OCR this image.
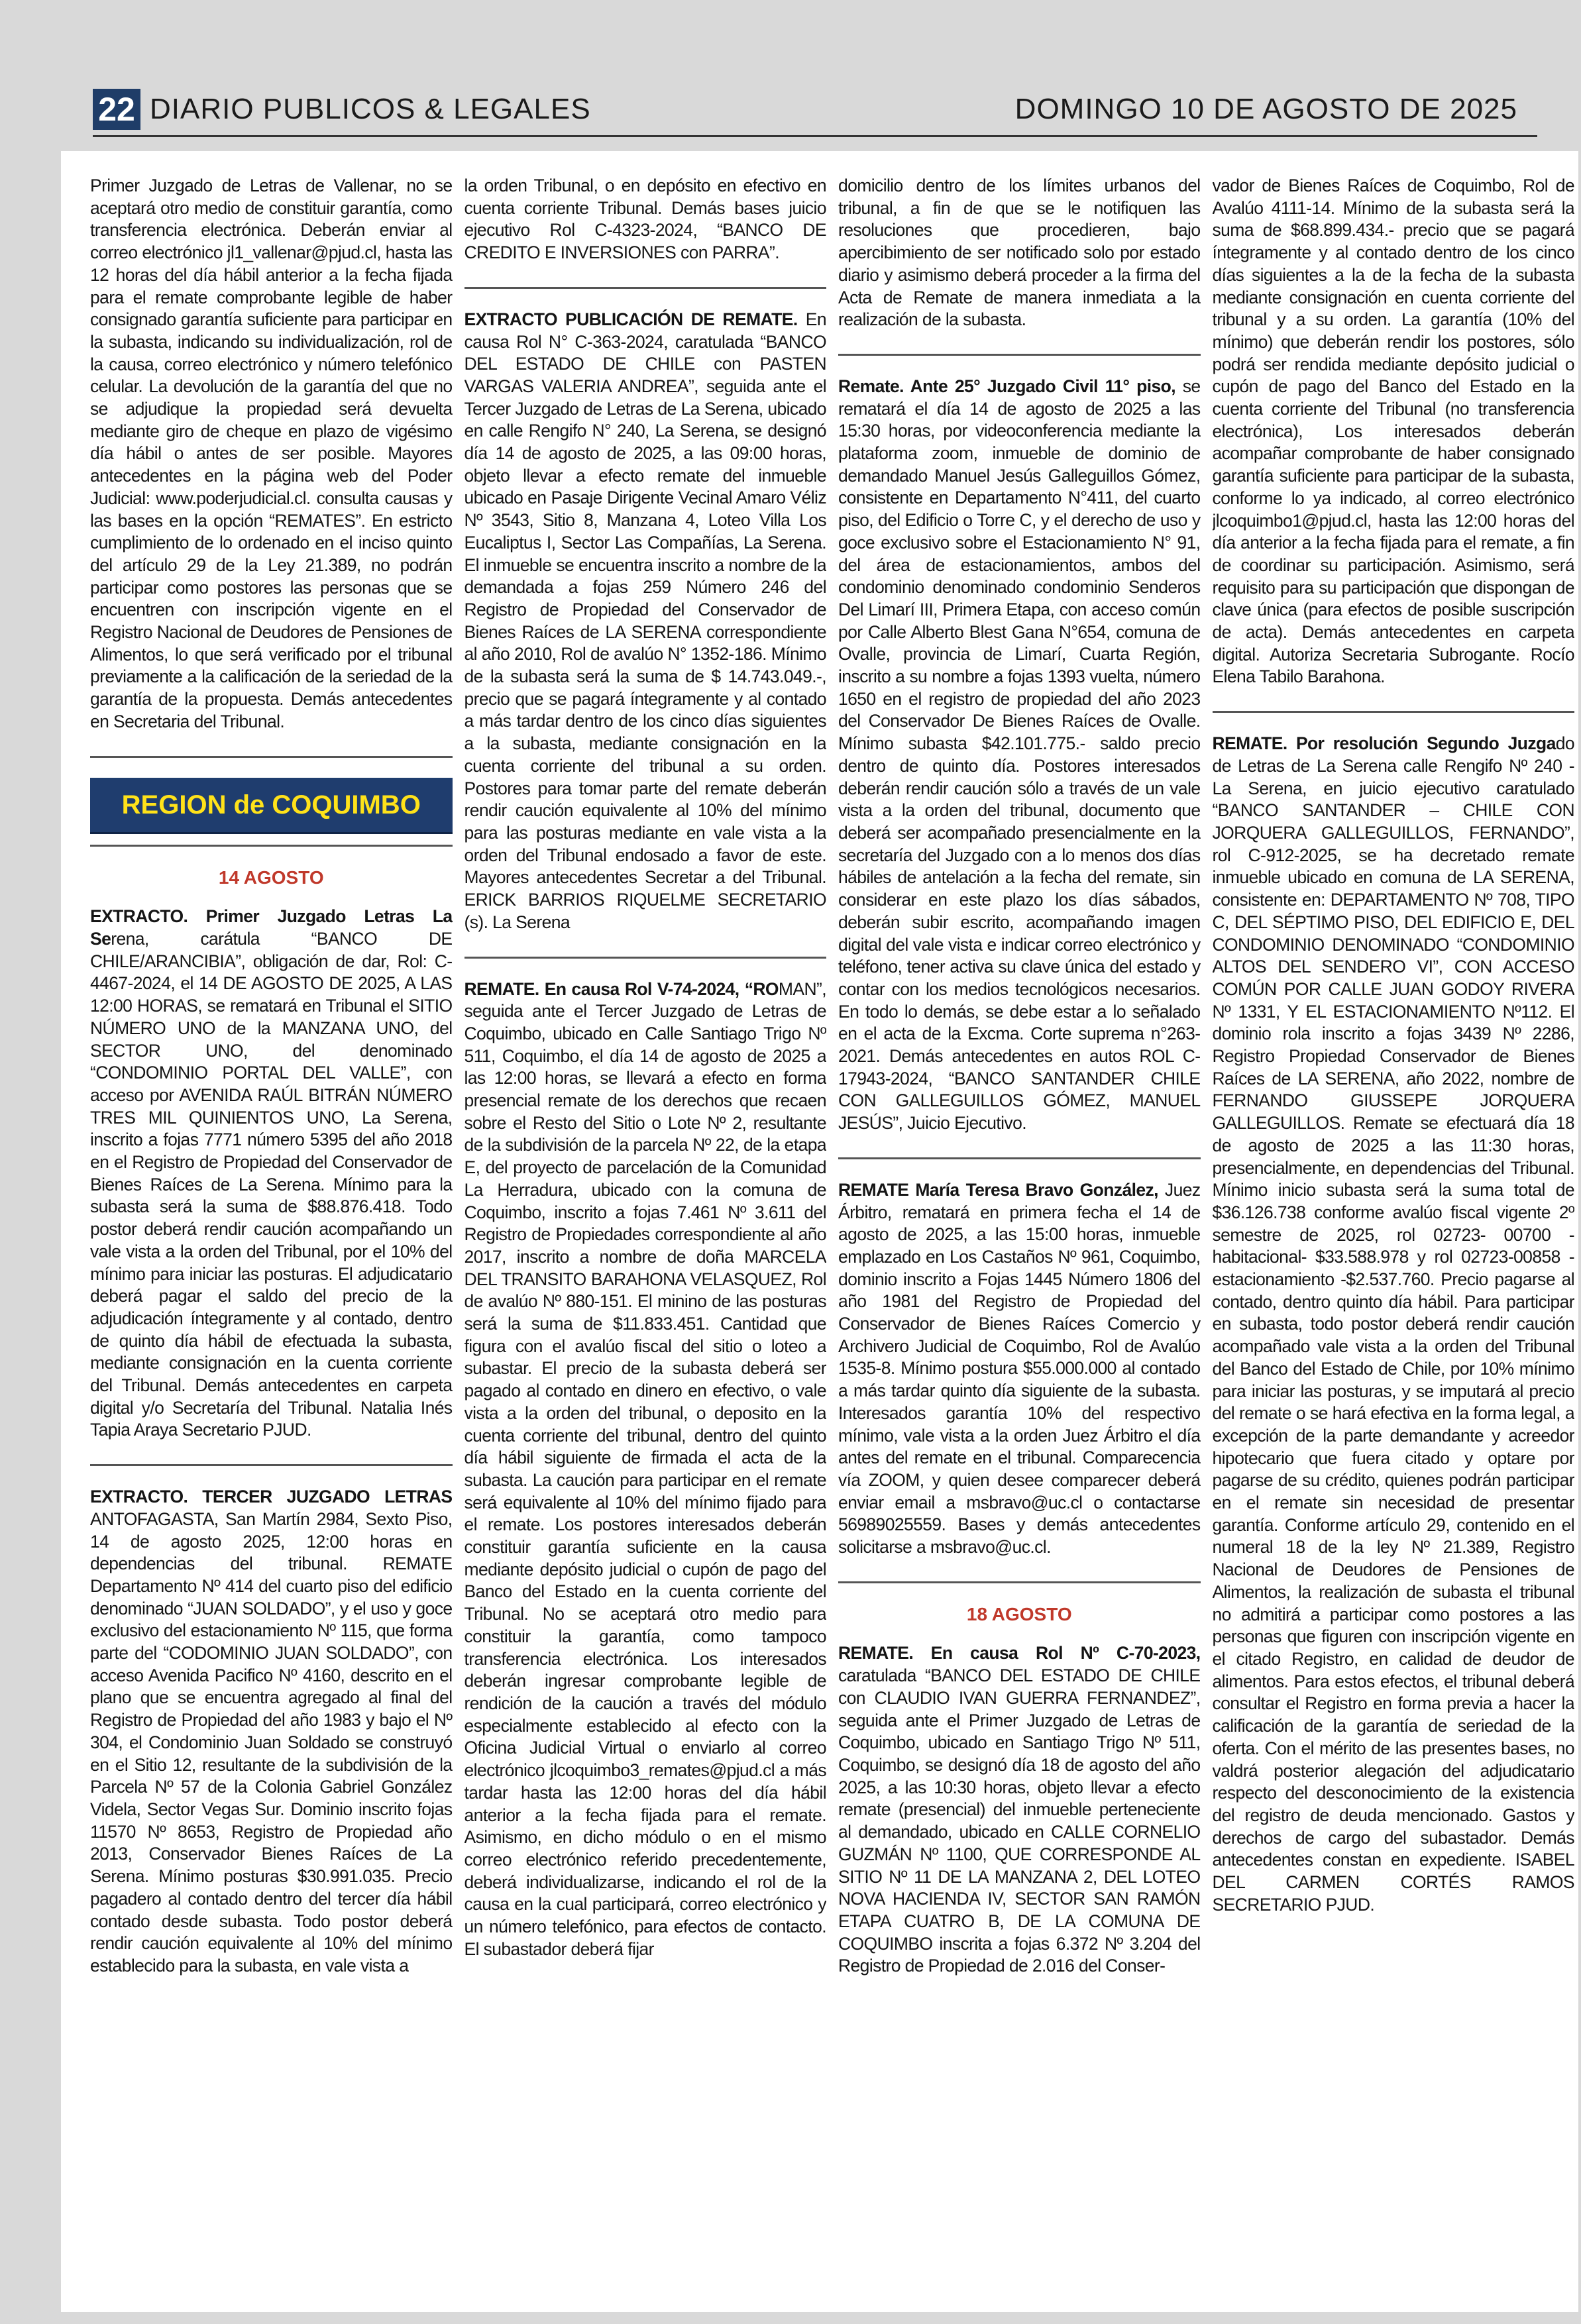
22 DIARIO PUBLICOS & LEGALES	DOMINGO 10 DE AGOSTO DE 2025

Primer Juzgado de Letras de Vallenar, no se aceptará otro medio de constituir garantía, como transferencia electrónica. Deberán enviar al correo electrónico jl1_vallenar@pjud.cl, hasta las 12 horas del día hábil anterior a la fecha fijada para el remate comprobante legible de haber consignado garantía suficiente para participar en la subasta, indicando su individualización, rol de la causa, correo electrónico y número telefónico celular. La devolución de la garantía del que no se adjudique la propiedad será devuelta mediante giro de cheque en plazo de vigésimo día hábil o antes de ser posible. Mayores antecedentes en la página web del Poder Judicial: www.poderjudicial.cl. consulta causas y las bases en la opción “REMATES”. En estricto cumplimiento de lo ordenado en el inciso quinto del artículo 29 de la Ley 21.389, no podrán participar como postores las personas que se encuentren con inscripción vigente en el Registro Nacional de Deudores de Pensiones de Alimentos, lo que será verificado por el tribunal previamente a la calificación de la seriedad de la garantía de la propuesta. Demás antecedentes en Secretaria del Tribunal.

REGION de COQUIMBO
14 AGOSTO

EXTRACTO. Primer Juzgado Letras La Serena, carátula “BANCO DE CHILE/ARANCIBIA”, obligación de dar, Rol: C-4467-2024, el 14 DE AGOSTO DE 2025, A LAS 12:00 HORAS, se rematará en Tribunal el SITIO NÚMERO UNO de la MANZANA UNO, del SECTOR UNO, del denominado “CONDOMINIO PORTAL DEL VALLE”, con acceso por AVENIDA RAÚL BITRÁN NÚMERO TRES MIL QUINIENTOS UNO, La Serena, inscrito a fojas 7771 número 5395 del año 2018 en el Registro de Propiedad del Conservador de Bienes Raíces de La Serena. Mínimo para la subasta será la suma de $88.876.418. Todo postor deberá rendir caución acompañando un vale vista a la orden del Tribunal, por el 10% del mínimo para iniciar las posturas. El adjudicatario deberá pagar el saldo del precio de la adjudicación íntegramente y al contado, dentro de quinto día hábil de efectuada la subasta, mediante consignación en la cuenta corriente del Tribunal. Demás antecedentes en carpeta digital y/o Secretaría del Tribunal. Natalia Inés Tapia Araya Secretario PJUD.

EXTRACTO. TERCER JUZGADO LETRAS ANTOFAGASTA, San Martín 2984, Sexto Piso, 14 de agosto 2025, 12:00 horas en dependencias del tribunal. REMATE Departamento Nº 414 del cuarto piso del edificio denominado “JUAN SOLDADO”, y el uso y goce exclusivo del estacionamiento Nº 115, que forma parte del “CODOMINIO JUAN SOLDADO”, con acceso Avenida Pacifico Nº 4160, descrito en el plano que se encuentra agregado al final del Registro de Propiedad del año 1983 y bajo el Nº 304, el Condominio Juan Soldado se construyó en el Sitio 12, resultante de la subdivisión de la Parcela Nº 57 de la Colonia Gabriel González Videla, Sector Vegas Sur. Dominio inscrito fojas 11570 Nº 8653, Registro de Propiedad año 2013, Conservador Bienes Raíces de La Serena. Mínimo posturas $30.991.035. Precio pagadero al contado dentro del tercer día hábil contado desde subasta. Todo postor deberá rendir caución equivalente al 10% del mínimo establecido para la subasta, en vale vista a

la orden Tribunal, o en depósito en efectivo en cuenta corriente Tribunal. Demás bases juicio ejecutivo Rol C-4323-2024, “BANCO DE CREDITO E INVERSIONES con PARRA”.

EXTRACTO PUBLICACIÓN DE REMATE. En causa Rol N° C-363-2024, caratulada “BANCO DEL ESTADO DE CHILE con PASTEN VARGAS VALERIA ANDREA”, seguida ante el Tercer Juzgado de Letras de La Serena, ubicado en calle Rengifo N° 240, La Serena, se designó día 14 de agosto de 2025, a las 09:00 horas, objeto llevar a efecto remate del inmueble ubicado en Pasaje Dirigente Vecinal Amaro Véliz Nº 3543, Sitio 8, Manzana 4, Loteo Villa Los Eucaliptus I, Sector Las Compañías, La Serena. El inmueble se encuentra inscrito a nombre de la demandada a fojas 259 Número 246 del Registro de Propiedad del Conservador de Bienes Raíces de LA SERENA correspondiente al año 2010, Rol de avalúo N° 1352-186. Mínimo de la subasta será la suma de $ 14.743.049.-, precio que se pagará íntegramente y al contado a más tardar dentro de los cinco días siguientes a la subasta, mediante consignación en la cuenta corriente del tribunal a su orden. Postores para tomar parte del remate deberán rendir caución equivalente al 10% del mínimo para las posturas mediante en vale vista a la orden del Tribunal endosado a favor de este. Mayores antecedentes Secretar a del Tribunal. ERICK BARRIOS RIQUELME SECRETARIO (s). La Serena

REMATE. En causa Rol V-74-2024, “ROMAN”, seguida ante el Tercer Juzgado de Letras de Coquimbo, ubicado en Calle Santiago Trigo Nº 511, Coquimbo, el día 14 de agosto de 2025 a las 12:00 horas, se llevará a efecto en forma presencial remate de los derechos que recaen sobre el Resto del Sitio o Lote Nº 2, resultante de la subdivisión de la parcela Nº 22, de la etapa E, del proyecto de parcelación de la Comunidad La Herradura, ubicado con la comuna de Coquimbo, inscrito a fojas 7.461 Nº 3.611 del Registro de Propiedades correspondiente al año 2017, inscrito a nombre de doña MARCELA DEL TRANSITO BARAHONA VELASQUEZ, Rol de avalúo Nº 880-151. El minino de las posturas será la suma de $11.833.451. Cantidad que figura con el avalúo fiscal del sitio o loteo a subastar. El precio de la subasta deberá ser pagado al contado en dinero en efectivo, o vale vista a la orden del tribunal, o deposito en la cuenta corriente del tribunal, dentro del quinto día hábil siguiente de firmada el acta de la subasta. La caución para participar en el remate será equivalente al 10% del mínimo fijado para el remate. Los postores interesados deberán constituir garantía suficiente en la causa mediante depósito judicial o cupón de pago del Banco del Estado en la cuenta corriente del Tribunal. No se aceptará otro medio para constituir la garantía, como tampoco transferencia electrónica. Los interesados deberán ingresar comprobante legible de rendición de la caución a través del módulo especialmente establecido al efecto con la Oficina Judicial Virtual o enviarlo al correo electrónico jlcoquimbo3_remates@pjud.cl a más tardar hasta las 12:00 horas del día hábil anterior a la fecha fijada para el remate. Asimismo, en dicho módulo o en el mismo correo electrónico referido precedentemente, deberá individualizarse, indicando el rol de la causa en la cual participará, correo electrónico y un número telefónico, para efectos de contacto. El subastador deberá fijar

domicilio dentro de los límites urbanos del tribunal, a fin de que se le notifiquen las resoluciones que procedieren, bajo apercibimiento de ser notificado solo por estado diario y asimismo deberá proceder a la firma del Acta de Remate de manera inmediata a la realización de la subasta.

Remate. Ante 25° Juzgado Civil 11° piso, se rematará el día 14 de agosto de 2025 a las 15:30 horas, por videoconferencia mediante la plataforma zoom, inmueble de dominio de demandado Manuel Jesús Galleguillos Gómez, consistente en Departamento N°411, del cuarto piso, del Edificio o Torre C, y el derecho de uso y goce exclusivo sobre el Estacionamiento N° 91, del área de estacionamientos, ambos del condominio denominado condominio Senderos Del Limarí III, Primera Etapa, con acceso común por Calle Alberto Blest Gana N°654, comuna de Ovalle, provincia de Limarí, Cuarta Región, inscrito a su nombre a fojas 1393 vuelta, número 1650 en el registro de propiedad del año 2023 del Conservador De Bienes Raíces de Ovalle. Mínimo subasta $42.101.775.- saldo precio dentro de quinto día. Postores interesados deberán rendir caución sólo a través de un vale vista a la orden del tribunal, documento que deberá ser acompañado presencialmente en la secretaría del Juzgado con a lo menos dos días hábiles de antelación a la fecha del remate, sin considerar en este plazo los días sábados, deberán subir escrito, acompañando imagen digital del vale vista e indicar correo electrónico y teléfono, tener activa su clave única del estado y contar con los medios tecnológicos necesarios. En todo lo demás, se debe estar a lo señalado en el acta de la Excma. Corte suprema n°263- 2021. Demás antecedentes en autos ROL C- 17943-2024, “BANCO SANTANDER CHILE CON GALLEGUILLOS GÓMEZ, MANUEL JESÚS”, Juicio Ejecutivo.

REMATE María Teresa Bravo González, Juez Árbitro, rematará en primera fecha el 14 de agosto de 2025, a las 15:00 horas, inmueble emplazado en Los Castaños Nº 961, Coquimbo, dominio inscrito a Fojas 1445 Número 1806 del año 1981 del Registro de Propiedad del Conservador de Bienes Raíces Comercio y Archivero Judicial de Coquimbo, Rol de Avalúo 1535-8. Mínimo postura $55.000.000 al contado a más tardar quinto día siguiente de la subasta. Interesados garantía 10% del respectivo mínimo, vale vista a la orden Juez Árbitro el día antes del remate en el tribunal. Comparecencia vía ZOOM, y quien desee comparecer deberá enviar email a msbravo@uc.cl o contactarse 56989025559. Bases y demás antecedentes solicitarse a msbravo@uc.cl.

18 AGOSTO

REMATE. En causa Rol Nº C-70-2023, caratulada “BANCO DEL ESTADO DE CHILE con CLAUDIO IVAN GUERRA FERNANDEZ”, seguida ante el Primer Juzgado de Letras de Coquimbo, ubicado en Santiago Trigo Nº 511, Coquimbo, se designó día 18 de agosto del año 2025, a las 10:30 horas, objeto llevar a efecto remate (presencial) del inmueble perteneciente al demandado, ubicado en CALLE CORNELIO GUZMÁN Nº 1100, QUE CORRESPONDE AL SITIO Nº 11 DE LA MANZANA 2, DEL LOTEO NOVA HACIENDA IV, SECTOR SAN RAMÓN ETAPA CUATRO B, DE LA COMUNA DE COQUIMBO inscrita a fojas 6.372 Nº 3.204 del Registro de Propiedad de 2.016 del Conser-

vador de Bienes Raíces de Coquimbo, Rol de Avalúo 4111-14. Mínimo de la subasta será la suma de $68.899.434.- precio que se pagará íntegramente y al contado dentro de los cinco días siguientes a la de la fecha de la subasta mediante consignación en cuenta corriente del tribunal y a su orden. La garantía (10% del mínimo) que deberán rendir los postores, sólo podrá ser rendida mediante depósito judicial o cupón de pago del Banco del Estado en la cuenta corriente del Tribunal (no transferencia electrónica), Los interesados deberán acompañar comprobante de haber consignado garantía suficiente para participar de la subasta, conforme lo ya indicado, al correo electrónico jlcoquimbo1@pjud.cl, hasta las 12:00 horas del día anterior a la fecha fijada para el remate, a fin de coordinar su participación. Asimismo, será requisito para su participación que dispongan de clave única (para efectos de posible suscripción de acta). Demás antecedentes en carpeta digital. Autoriza Secretaria Subrogante. Rocío Elena Tabilo Barahona.

REMATE. Por resolución Segundo Juzgado de Letras de La Serena calle Rengifo Nº 240 - La Serena, en juicio ejecutivo caratulado “BANCO SANTANDER – CHILE CON JORQUERA GALLEGUILLOS, FERNANDO”, rol C-912-2025, se ha decretado remate inmueble ubicado en comuna de LA SERENA, consistente en: DEPARTAMENTO Nº 708, TIPO C, DEL SÉPTIMO PISO, DEL EDIFICIO E, DEL CONDOMINIO DENOMINADO “CONDOMINIO ALTOS DEL SENDERO VI”, CON ACCESO COMÚN POR CALLE JUAN GODOY RIVERA Nº 1331, Y EL ESTACIONAMIENTO Nº112. El dominio rola inscrito a fojas 3439 Nº 2286, Registro Propiedad Conservador de Bienes Raíces de LA SERENA, año 2022, nombre de FERNANDO GIUSSEPE JORQUERA GALLEGUILLOS. Remate se efectuará día 18 de agosto de 2025 a las 11:30 horas, presencialmente, en dependencias del Tribunal. Mínimo inicio subasta será la suma total de $36.126.738 conforme avalúo fiscal vigente 2º semestre de 2025, rol 02723- 00700 -habitacional- $33.588.978 y rol 02723-00858 -estacionamiento -$2.537.760. Precio pagarse al contado, dentro quinto día hábil. Para participar en subasta, todo postor deberá rendir caución acompañado vale vista a la orden del Tribunal del Banco del Estado de Chile, por 10% mínimo para iniciar las posturas, y se imputará al precio del remate o se hará efectiva en la forma legal, a excepción de la parte demandante y acreedor hipotecario que fuera citado y optare por pagarse de su crédito, quienes podrán participar en el remate sin necesidad de presentar garantía. Conforme artículo 29, contenido en el numeral 18 de la ley Nº 21.389, Registro Nacional de Deudores de Pensiones de Alimentos, la realización de subasta el tribunal no admitirá a participar como postores a las personas que figuren con inscripción vigente en el citado Registro, en calidad de deudor de alimentos. Para estos efectos, el tribunal deberá consultar el Registro en forma previa a hacer la calificación de la garantía de seriedad de la oferta. Con el mérito de las presentes bases, no valdrá posterior alegación del adjudicatario respecto del desconocimiento de la existencia del registro de deuda mencionado. Gastos y derechos de cargo del subastador. Demás antecedentes constan en expediente. ISABEL DEL CARMEN CORTÉS RAMOS SECRETARIO PJUD.
